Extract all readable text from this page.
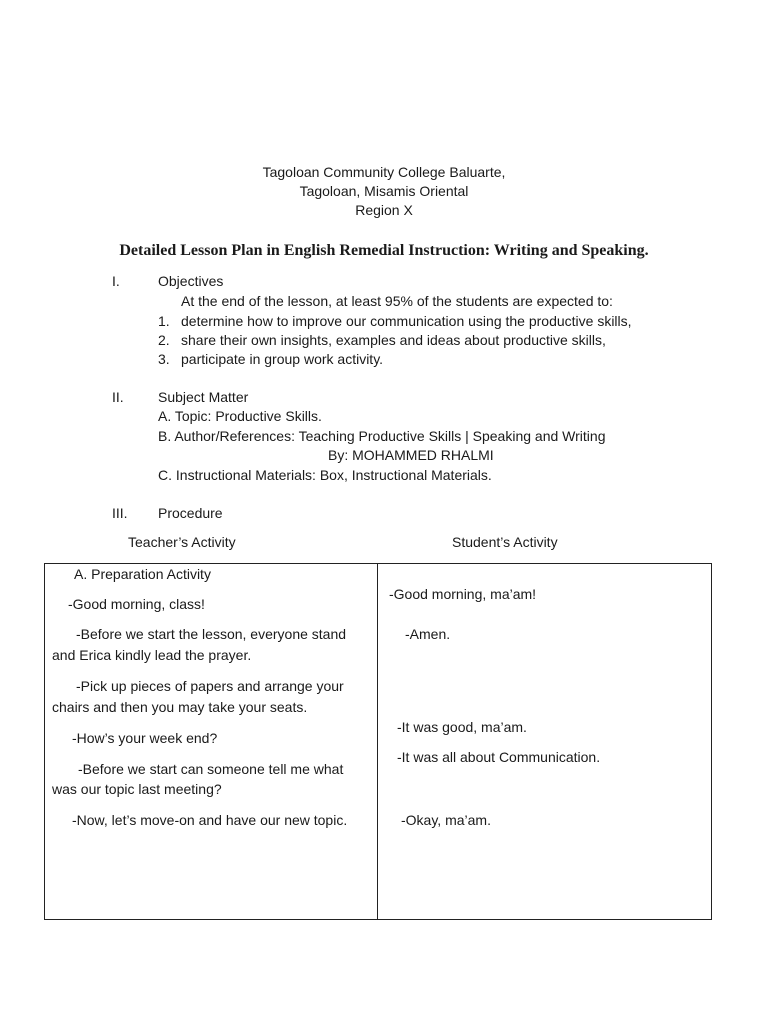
Tagoloan Community College Baluarte,
Tagoloan, Misamis Oriental
Region X
Detailed Lesson Plan in English Remedial Instruction: Writing and Speaking.
I.	Objectives
At the end of the lesson, at least 95% of the students are expected to:
1. determine how to improve our communication using the productive skills,
2. share their own insights, examples and ideas about productive skills,
3. participate in group work activity.
II. Subject Matter
A. Topic: Productive Skills.
B. Author/References: Teaching Productive Skills | Speaking and Writing
By: MOHAMMED RHALMI
C. Instructional Materials: Box, Instructional Materials.
III. Procedure
Teacher’s Activity	Student’s Activity
A. Preparation Activity
-Good morning, class!
-Before we start the lesson, everyone stand
and Erica kindly lead the prayer.
-Pick up pieces of papers and arrange your
chairs and then you may take your seats.
-How’s your week end?
-Before we start can someone tell me what
was our topic last meeting?
-Now, let’s move-on and have our new topic.
-Good morning, ma’am!
-Amen.
-It was good, ma’am.
-It was all about Communication.
-Okay, ma’am.
